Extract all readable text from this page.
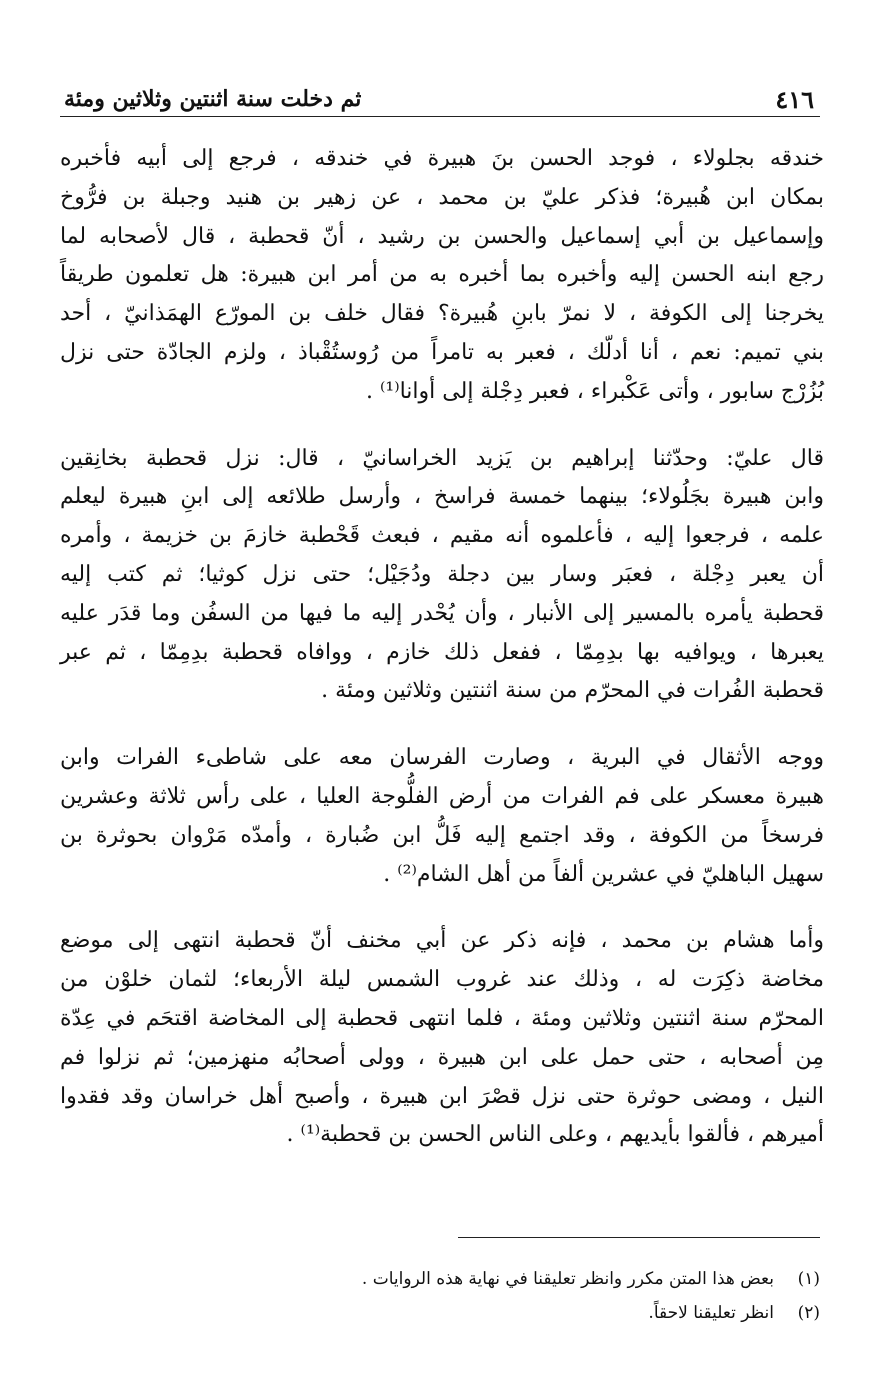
٤١٦
ثم دخلت سنة اثنتين وثلاثين ومئة
خندقه بجلولاء ، فوجد الحسن بنَ هبيرة في خندقه ، فرجع إلى أبيه فأخبره
بمكان ابن هُبيرة؛ فذكر عليّ بن محمد ، عن زهير بن هنيد وجبلة بن فرُّوخ
وإسماعيل بن أبي إسماعيل والحسن بن رشيد ، أنّ قحطبة ، قال لأصحابه لما
رجع ابنه الحسن إليه وأخبره بما أخبره به من أمر ابن هبيرة: هل تعلمون طريقاً
يخرجنا إلى الكوفة ، لا نمرّ بابنِ هُبيرة؟ فقال خلف بن المورّع الهمَذانيّ ، أحد
بني تميم: نعم ، أنا أدلّك ، فعبر به تامراً من رُوستُقْباذ ، ولزم الجادّة حتى نزل
بُزُرْج سابور ، وأتى عَكْبراء ، فعبر دِجْلة إلى أوانا⁽¹⁾ .
قال عليّ: وحدّثنا إبراهيم بن يَزيد الخراسانيّ ، قال: نزل قحطبة بخانِقين
وابن هبيرة بجَلُولاء؛ بينهما خمسة فراسخ ، وأرسل طلائعه إلى ابنِ هبيرة ليعلم
علمه ، فرجعوا إليه ، فأعلموه أنه مقيم ، فبعث قَحْطبة خازمَ بن خزيمة ، وأمره
أن يعبر دِجْلة ، فعبَر وسار بين دجلة ودُجَيْل؛ حتى نزل كوثيا؛ ثم كتب إليه
قحطبة يأمره بالمسير إلى الأنبار ، وأن يُحْدر إليه ما فيها من السفُن وما قدَر عليه
يعبرها ، ويوافيه بها بدِمِمّا ، ففعل ذلك خازم ، ووافاه قحطبة بدِمِمّا ، ثم عبر
قحطبة الفُرات في المحرّم من سنة اثنتين وثلاثين ومئة .
ووجه الأثقال في البرية ، وصارت الفرسان معه على شاطىء الفرات وابن
هبيرة معسكر على فم الفرات من أرض الفلُّوجة العليا ، على رأس ثلاثة وعشرين
فرسخاً من الكوفة ، وقد اجتمع إليه فَلُّ ابن ضُبارة ، وأمدّه مَرْوان بحوثرة بن
سهيل الباهليّ في عشرين ألفاً من أهل الشام⁽²⁾ .
وأما هشام بن محمد ، فإنه ذكر عن أبي مخنف أنّ قحطبة انتهى إلى موضع
مخاضة ذكِرَت له ، وذلك عند غروب الشمس ليلة الأربعاء؛ لثمان خلوْن من
المحرّم سنة اثنتين وثلاثين ومئة ، فلما انتهى قحطبة إلى المخاضة اقتحَم في عِدّة
مِن أصحابه ، حتى حمل على ابن هبيرة ، وولى أصحابُه منهزمين؛ ثم نزلوا فم
النيل ، ومضى حوثرة حتى نزل قصْرَ ابن هبيرة ، وأصبح أهل خراسان وقد فقدوا
أميرهم ، فألقوا بأيديهم ، وعلى الناس الحسن بن قحطبة⁽¹⁾ .
(١)
بعض هذا المتن مكرر وانظر تعليقنا في نهاية هذه الروايات .
(٢)
انظر تعليقنا لاحقاً.
